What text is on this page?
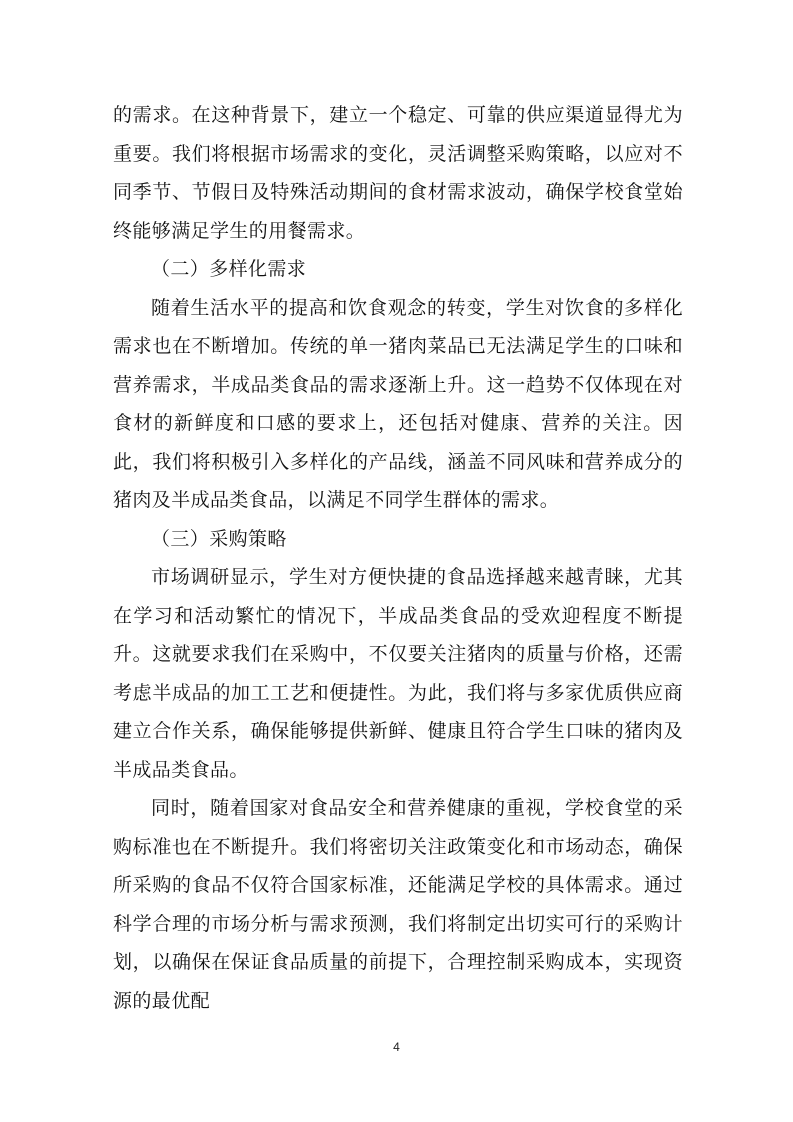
的需求。在这种背景下，建立一个稳定、可靠的供应渠道显得尤为重要。我们将根据市场需求的变化，灵活调整采购策略，以应对不同季节、节假日及特殊活动期间的食材需求波动，确保学校食堂始终能够满足学生的用餐需求。

（二）多样化需求

随着生活水平的提高和饮食观念的转变，学生对饮食的多样化需求也在不断增加。传统的单一猪肉菜品已无法满足学生的口味和营养需求，半成品类食品的需求逐渐上升。这一趋势不仅体现在对食材的新鲜度和口感的要求上，还包括对健康、营养的关注。因此，我们将积极引入多样化的产品线，涵盖不同风味和营养成分的猪肉及半成品类食品，以满足不同学生群体的需求。

（三）采购策略

市场调研显示，学生对方便快捷的食品选择越来越青睐，尤其在学习和活动繁忙的情况下，半成品类食品的受欢迎程度不断提升。这就要求我们在采购中，不仅要关注猪肉的质量与价格，还需考虑半成品的加工工艺和便捷性。为此，我们将与多家优质供应商建立合作关系，确保能够提供新鲜、健康且符合学生口味的猪肉及半成品类食品。

同时，随着国家对食品安全和营养健康的重视，学校食堂的采购标准也在不断提升。我们将密切关注政策变化和市场动态，确保所采购的食品不仅符合国家标准，还能满足学校的具体需求。通过科学合理的市场分析与需求预测，我们将制定出切实可行的采购计划，以确保在保证食品质量的前提下，合理控制采购成本，实现资源的最优配

4
